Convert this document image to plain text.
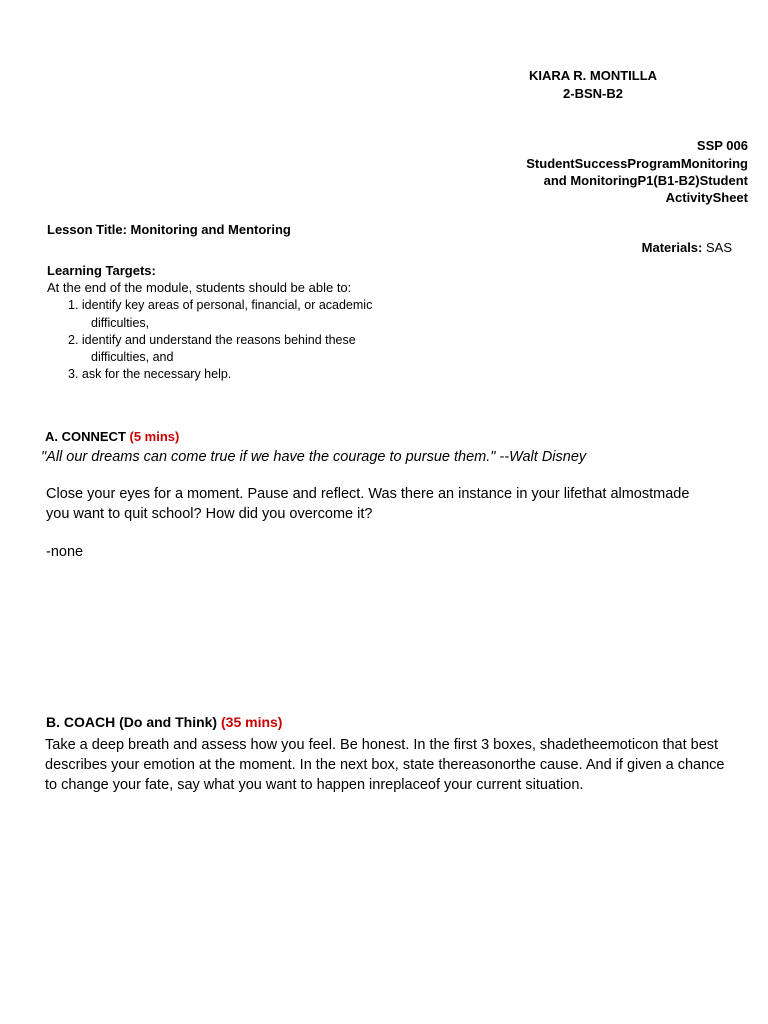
KIARA R. MONTILLA
2-BSN-B2
SSP 006
StudentSuccessProgramMonitoring
and MonitoringP1(B1-B2)Student
ActivitySheet
Lesson Title: Monitoring and Mentoring
Materials: SAS
Learning Targets:
At the end of the module, students should be able to:
1. identify key areas of personal, financial, or academic
difficulties,
2. identify and understand the reasons behind these
difficulties, and
3. ask for the necessary help.
A. CONNECT (5 mins)
"All our dreams can come true if we have the courage to pursue them." --Walt Disney
Close your eyes for a moment. Pause and reflect. Was there an instance in your lifethat almostmade
you want to quit school? How did you overcome it?
-none
B. COACH (Do and Think) (35 mins)
Take a deep breath and assess how you feel. Be honest. In the first 3 boxes, shadetheemoticon that best
describes your emotion at the moment. In the next box, state thereasonorthe cause. And if given a chance
to change your fate, say what you want to happen inreplaceof your current situation.
